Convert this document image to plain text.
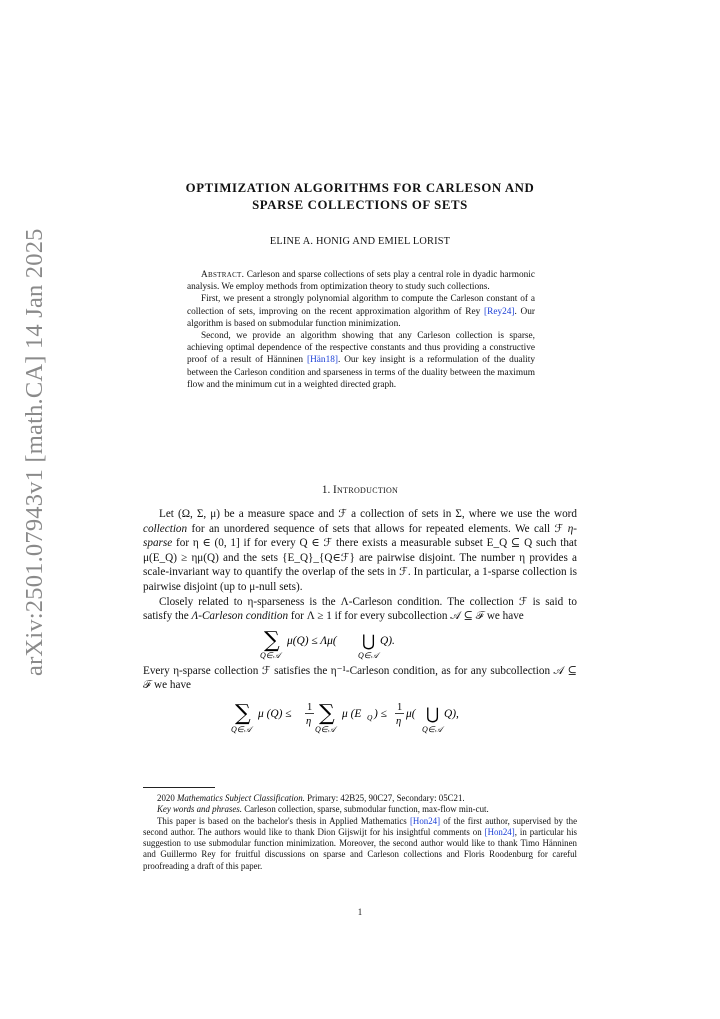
arXiv:2501.07943v1 [math.CA] 14 Jan 2025
OPTIMIZATION ALGORITHMS FOR CARLESON AND
SPARSE COLLECTIONS OF SETS
ELINE A. HONIG AND EMIEL LORIST

Abstract. Carleson and sparse collections of sets play a central role in dyadic harmonic analysis. We employ methods from optimization theory to study such collections.

First, we present a strongly polynomial algorithm to compute the Carleson constant of a collection of sets, improving on the recent approximation algorithm of Rey [Rey24]. Our algorithm is based on submodular function minimization.

Second, we provide an algorithm showing that any Carleson collection is sparse, achieving optimal dependence of the respective constants and thus providing a constructive proof of a result of Hänninen [Hän18]. Our key insight is a reformulation of the duality between the Carleson condition and sparseness in terms of the duality between the maximum flow and the minimum cut in a weighted directed graph.

1. Introduction

Let (Ω, Σ, μ) be a measure space and ℱ a collection of sets in Σ, where we use the word collection for an unordered sequence of sets that allows for repeated elements. We call ℱ η-sparse for η ∈ (0, 1] if for every Q ∈ ℱ there exists a measurable subset E_Q ⊆ Q such that μ(E_Q) ≥ ημ(Q) and the sets {E_Q}_{Q∈ℱ} are pairwise disjoint. The number η provides a scale-invariant way to quantify the overlap of the sets in ℱ. In particular, a 1-sparse collection is pairwise disjoint (up to μ-null sets).

Closely related to η-sparseness is the Λ-Carleson condition. The collection ℱ is said to satisfy the Λ-Carleson condition for Λ ≥ 1 if for every subcollection 𝒜 ⊆ ℱ we have

∑
Q∈𝒜
μ(Q) ≤ Λμ( ⋃
Q∈𝒜
Q).

Every η-sparse collection ℱ satisfies the η⁻¹-Carleson condition, as for any subcollection 𝒜 ⊆ ℱ we have

∑
Q∈𝒜
μ (Q) ≤
1
η ∑
Q∈𝒜
μ (E Q ) ≤
1
η
μ( ⋃
Q∈𝒜
Q),

2020 Mathematics Subject Classification. Primary: 42B25, 90C27, Secondary: 05C21.

Key words and phrases. Carleson collection, sparse, submodular function, max-flow min-cut.

This paper is based on the bachelor's thesis in Applied Mathematics [Hon24] of the first author, supervised by the second author. The authors would like to thank Dion Gijswijt for his insightful comments on [Hon24], in particular his suggestion to use submodular function minimization. Moreover, the second author would like to thank Timo Hänninen and Guillermo Rey for fruitful discussions on sparse and Carleson collections and Floris Roodenburg for careful proofreading a draft of this paper.

1
